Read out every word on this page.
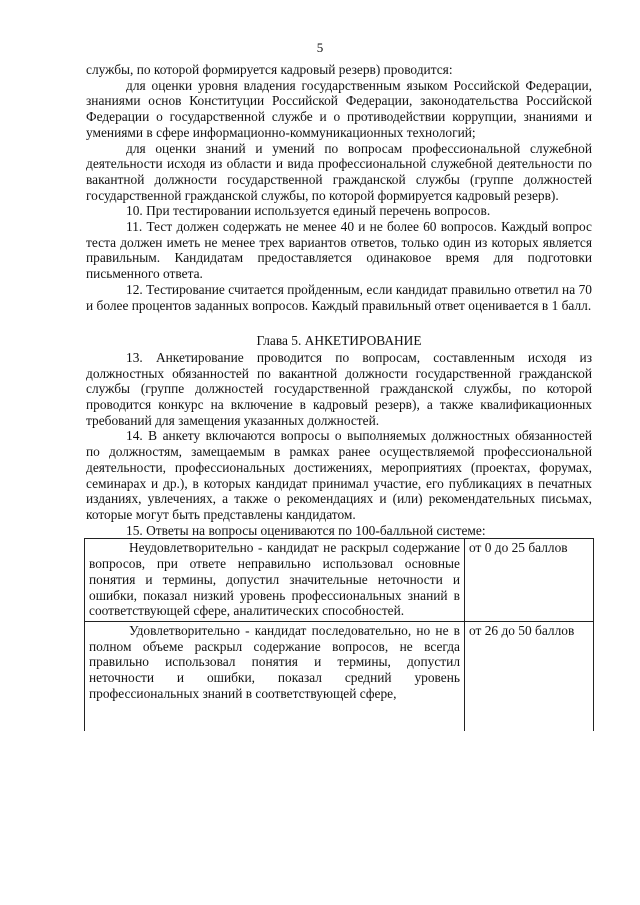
5

службы, по которой формируется кадровый резерв) проводится:

для оценки уровня владения государственным языком Российской Федерации, знаниями основ Конституции Российской Федерации, законодательства Российской Федерации о государственной службе и о противодействии коррупции, знаниями и умениями в сфере информационно-коммуникационных технологий;

для оценки знаний и умений по вопросам профессиональной служебной деятельности исходя из области и вида профессиональной служебной деятельности по вакантной должности государственной гражданской службы (группе должностей государственной гражданской службы, по которой формируется кадровый резерв).

10. При тестировании используется единый перечень вопросов.

11. Тест должен содержать не менее 40 и не более 60 вопросов. Каждый вопрос теста должен иметь не менее трех вариантов ответов, только один из которых является правильным. Кандидатам предоставляется одинаковое время для подготовки письменного ответа.

12. Тестирование считается пройденным, если кандидат правильно ответил на 70 и более процентов заданных вопросов. Каждый правильный ответ оценивается в 1 балл.

Глава 5. АНКЕТИРОВАНИЕ

13. Анкетирование проводится по вопросам, составленным исходя из должностных обязанностей по вакантной должности государственной гражданской службы (группе должностей государственной гражданской службы, по которой проводится конкурс на включение в кадровый резерв), а также квалификационных требований для замещения указанных должностей.

14. В анкету включаются вопросы о выполняемых должностных обязанностей по должностям, замещаемым в рамках ранее осуществляемой профессиональной деятельности, профессиональных достижениях, мероприятиях (проектах, форумах, семинарах и др.), в которых кандидат принимал участие, его публикациях в печатных изданиях, увлечениях, а также о рекомендациях и (или) рекомендательных письмах, которые могут быть представлены кандидатом.

15. Ответы на вопросы оцениваются по 100-балльной системе:

Неудовлетворительно - кандидат не раскрыл содержание вопросов, при ответе неправильно использовал основные понятия и термины, допустил значительные неточности и ошибки, показал низкий уровень профессиональных знаний в соответствующей сфере, аналитических способностей.	от 0 до 25 баллов
Удовлетворительно - кандидат последовательно, но не в полном объеме раскрыл содержание вопросов, не всегда правильно использовал понятия и термины, допустил неточности и ошибки, показал средний уровень профессиональных знаний в соответствующей сфере,	от 26 до 50 баллов
